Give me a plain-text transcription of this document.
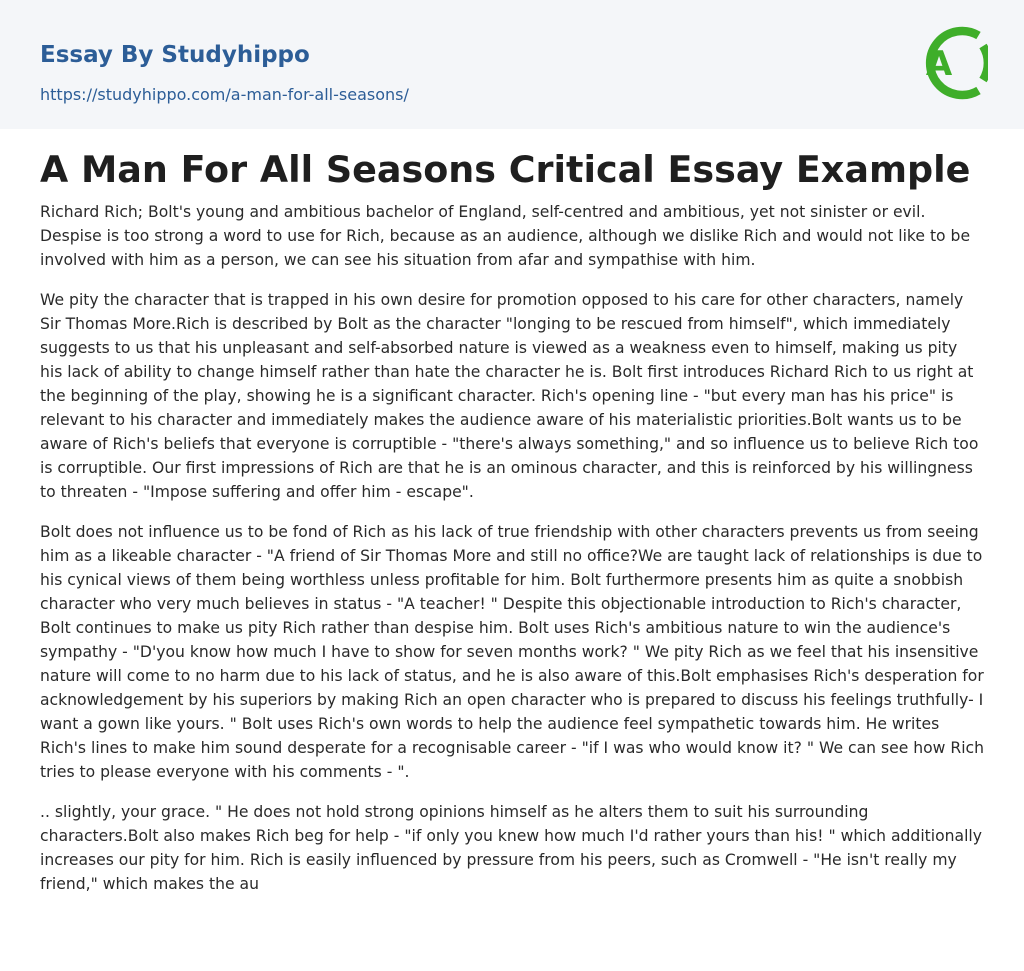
Essay By Studyhippo
https://studyhippo.com/a-man-for-all-seasons/
A
A Man For All Seasons Critical Essay Example

Richard Rich; Bolt's young and ambitious bachelor of England, self-centred and ambitious, yet not sinister or evil. Despise is too strong a word to use for Rich, because as an audience, although we dislike Rich and would not like to be involved with him as a person, we can see his situation from afar and sympathise with him.

We pity the character that is trapped in his own desire for promotion opposed to his care for other characters, namely Sir Thomas More.Rich is described by Bolt as the character "longing to be rescued from himself", which immediately suggests to us that his unpleasant and self-absorbed nature is viewed as a weakness even to himself, making us pity his lack of ability to change himself rather than hate the character he is. Bolt first introduces Richard Rich to us right at the beginning of the play, showing he is a significant character. Rich's opening line - "but every man has his price" is relevant to his character and immediately makes the audience aware of his materialistic priorities.Bolt wants us to be aware of Rich's beliefs that everyone is corruptible - "there's always something," and so influence us to believe Rich too is corruptible. Our first impressions of Rich are that he is an ominous character, and this is reinforced by his willingness to threaten - "Impose suffering and offer him - escape".

Bolt does not influence us to be fond of Rich as his lack of true friendship with other characters prevents us from seeing him as a likeable character - "A friend of Sir Thomas More and still no office?We are taught lack of relationships is due to his cynical views of them being worthless unless profitable for him. Bolt furthermore presents him as quite a snobbish character who very much believes in status - "A teacher! " Despite this objectionable introduction to Rich's character, Bolt continues to make us pity Rich rather than despise him. Bolt uses Rich's ambitious nature to win the audience's sympathy - "D'you know how much I have to show for seven months work? " We pity Rich as we feel that his insensitive nature will come to no harm due to his lack of status, and he is also aware of this.Bolt emphasises Rich's desperation for acknowledgement by his superiors by making Rich an open character who is prepared to discuss his feelings truthfully- I want a gown like yours. " Bolt uses Rich's own words to help the audience feel sympathetic towards him. He writes Rich's lines to make him sound desperate for a recognisable career - "if I was who would know it? " We can see how Rich tries to please everyone with his comments - ".

.. slightly, your grace. " He does not hold strong opinions himself as he alters them to suit his surrounding characters.Bolt also makes Rich beg for help - "if only you knew how much I'd rather yours than his! " which additionally increases our pity for him. Rich is easily influenced by pressure from his peers, such as Cromwell - "He isn't really my friend," which makes the au
